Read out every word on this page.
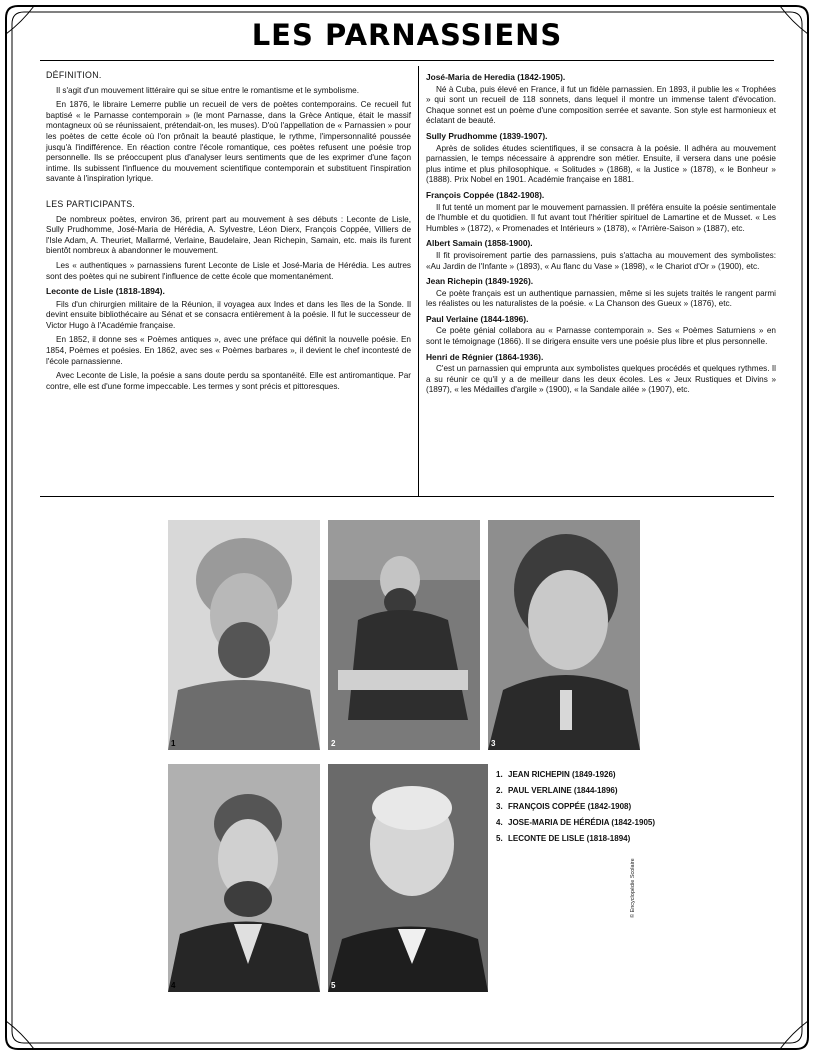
LES PARNASSIENS
DÉFINITION.

Il s'agit d'un mouvement littéraire qui se situe entre le romantisme et le symbolisme.

En 1876, le libraire Lemerre publie un recueil de vers de poètes contemporains. Ce recueil fut baptisé « le Parnasse contemporain » (le mont Parnasse, dans la Grèce Antique, était le massif montagneux où se réunissaient, prétendait-on, les muses). D'où l'appellation de « Parnassien » pour les poètes de cette école où l'on prônait la beauté plastique, le rythme, l'impersonnalité poussée jusqu'à l'indifférence. En réaction contre l'école romantique, ces poètes refusent une poésie trop personnelle. Ils se préoccupent plus d'analyser leurs sentiments que de les exprimer d'une façon intime. Ils subissent l'influence du mouvement scientifique contemporain et substituent l'inspiration savante à l'inspiration lyrique.

LES PARTICIPANTS.

De nombreux poètes, environ 36, prirent part au mouvement à ses débuts : Leconte de Lisle, Sully Prudhomme, José-Maria de Hérédia, A. Sylvestre, Léon Dierx, François Coppée, Villiers de l'Isle Adam, A. Theuriet, Mallarmé, Verlaine, Baudelaire, Jean Richepin, Samain, etc. mais ils furent bientôt nombreux à abandonner le mouvement.

Les « authentiques » parnassiens furent Leconte de Lisle et José-Maria de Hérédia. Les autres sont des poètes qui ne subirent l'influence de cette école que momentanément.

Leconte de Lisle (1818-1894).

Fils d'un chirurgien militaire de la Réunion, il voyagea aux Indes et dans les îles de la Sonde. Il devint ensuite bibliothécaire au Sénat et se consacra entièrement à la poésie. Il fut le successeur de Victor Hugo à l'Académie française.

En 1852, il donne ses « Poèmes antiques », avec une préface qui définit la nouvelle poésie. En 1854, Poèmes et poésies. En 1862, avec ses « Poèmes barbares », il devient le chef incontesté de l'école parnassienne.

Avec Leconte de Lisle, la poésie a sans doute perdu sa spontanéité. Elle est antiromantique. Par contre, elle est d'une forme impeccable. Les termes y sont précis et pittoresques.

José-Maria de Heredia (1842-1905).

Né à Cuba, puis élevé en France, il fut un fidèle parnassien. En 1893, il publie les « Trophées » qui sont un recueil de 118 sonnets, dans lequel il montre un immense talent d'évocation. Chaque sonnet est un poème d'une composition serrée et savante. Son style est harmonieux et éclatant de beauté.

Sully Prudhomme (1839-1907).

Après de solides études scientifiques, il se consacra à la poésie. Il adhéra au mouvement parnassien, le temps nécessaire à apprendre son métier. Ensuite, il versera dans une poésie plus intime et plus philosophique. « Solitudes » (1868), « la Justice » (1878), « le Bonheur » (1888). Prix Nobel en 1901. Académie française en 1881.

François Coppée (1842-1908).

Il fut tenté un moment par le mouvement parnassien. Il préféra ensuite la poésie sentimentale de l'humble et du quotidien. Il fut avant tout l'héritier spirituel de Lamartine et de Musset. « Les Humbles » (1872), « Promenades et Intérieurs » (1878), « l'Arrière-Saison » (1887), etc.

Albert Samain (1858-1900).

Il fit provisoirement partie des parnassiens, puis s'attacha au mouvement des symbolistes: «Au Jardin de l'Infante » (1893), « Au flanc du Vase » (1898), « le Chariot d'Or » (1900), etc.

Jean Richepin (1849-1926).

Ce poète français est un authentique parnassien, même si les sujets traités le rangent parmi les réalistes ou les naturalistes de la poésie. « La Chanson des Gueux » (1876), etc.

Paul Verlaine (1844-1896).

Ce poète génial collabora au « Parnasse contemporain ». Ses « Poèmes Saturniens » en sont le témoignage (1866). Il se dirigera ensuite vers une poésie plus libre et plus personnelle.

Henri de Régnier (1864-1936).

C'est un parnassien qui emprunta aux symbolistes quelques procédés et quelques rythmes. Il a su réunir ce qu'il y a de meilleur dans les deux écoles. Les « Jeux Rustiques et Divins » (1897), « les Médailles d'argile » (1900), « la Sandale ailée » (1907), etc.

1	2	3
4	5
1. JEAN RICHEPIN (1849-1926)
2. PAUL VERLAINE (1844-1896)
3. FRANÇOIS COPPÉE (1842-1908)
4. JOSE-MARIA DE HÉRÉDIA (1842-1905)
5. LECONTE DE LISLE (1818-1894)
© Encyclopédie Scolaire
